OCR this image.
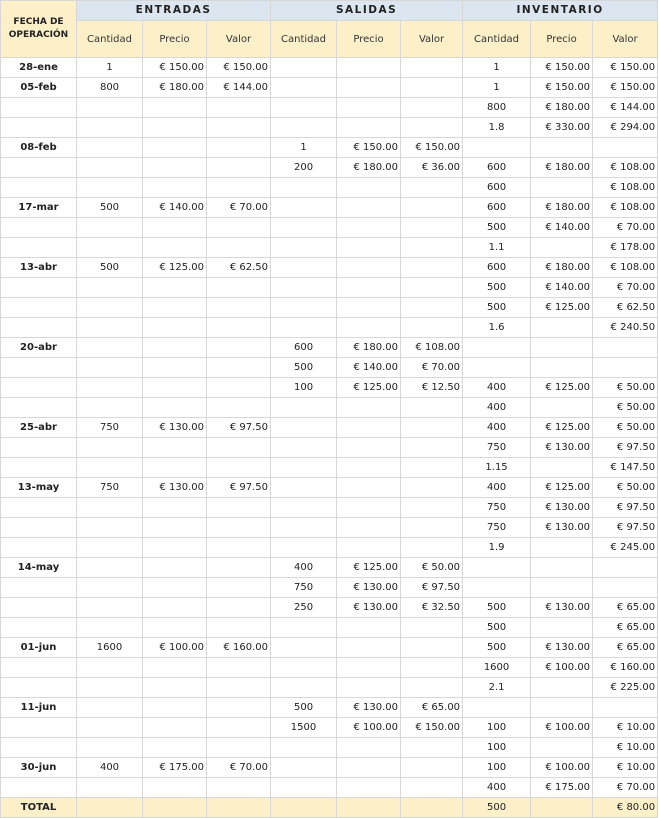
FECHA DE OPERACIÓN	ENTRADAS			SALIDAS			INVENTARIO		
	Cantidad	Precio	Valor	Cantidad	Precio	Valor	Cantidad	Precio	Valor
28-ene	1	€ 150.00	€ 150.00				1	€ 150.00	€ 150.00
05-feb	800	€ 180.00	€ 144.00				1	€ 150.00	€ 150.00
							800	€ 180.00	€ 144.00
							1.8	€ 330.00	€ 294.00
08-feb				1	€ 150.00	€ 150.00			
				200	€ 180.00	€ 36.00	600	€ 180.00	€ 108.00
							600		€ 108.00
17-mar	500	€ 140.00	€ 70.00				600	€ 180.00	€ 108.00
							500	€ 140.00	€ 70.00
							1.1		€ 178.00
13-abr	500	€ 125.00	€ 62.50				600	€ 180.00	€ 108.00
							500	€ 140.00	€ 70.00
							500	€ 125.00	€ 62.50
							1.6		€ 240.50
20-abr				600	€ 180.00	€ 108.00			
				500	€ 140.00	€ 70.00			
				100	€ 125.00	€ 12.50	400	€ 125.00	€ 50.00
							400		€ 50.00
25-abr	750	€ 130.00	€ 97.50				400	€ 125.00	€ 50.00
							750	€ 130.00	€ 97.50
							1.15		€ 147.50
13-may	750	€ 130.00	€ 97.50				400	€ 125.00	€ 50.00
							750	€ 130.00	€ 97.50
							750	€ 130.00	€ 97.50
							1.9		€ 245.00
14-may				400	€ 125.00	€ 50.00			
				750	€ 130.00	€ 97.50			
				250	€ 130.00	€ 32.50	500	€ 130.00	€ 65.00
							500		€ 65.00
01-jun	1600	€ 100.00	€ 160.00				500	€ 130.00	€ 65.00
							1600	€ 100.00	€ 160.00
							2.1		€ 225.00
11-jun				500	€ 130.00	€ 65.00			
				1500	€ 100.00	€ 150.00	100	€ 100.00	€ 10.00
							100		€ 10.00
30-jun	400	€ 175.00	€ 70.00				100	€ 100.00	€ 10.00
							400	€ 175.00	€ 70.00
TOTAL							500		€ 80.00
